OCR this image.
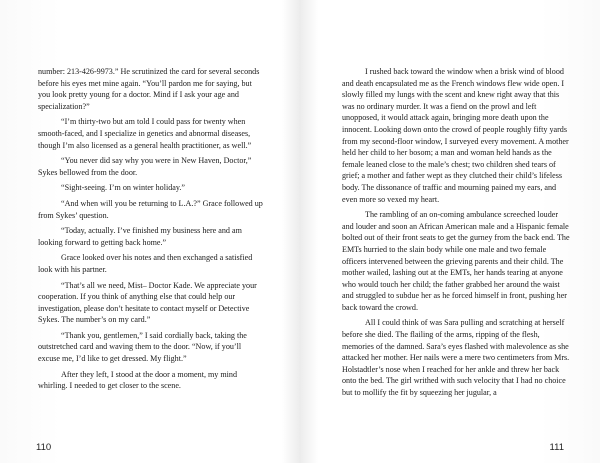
number: 213-426-9973.” He scrutinized the card for several seconds before his eyes met mine again. “You’ll pardon me for saying, but you look pretty young for a doctor. Mind if I ask your age and specialization?”

“I’m thirty-two but am told I could pass for twenty when smooth-faced, and I specialize in genetics and abnormal diseases, though I’m also licensed as a general health practitioner, as well.”

“You never did say why you were in New Haven, Doctor,” Sykes bellowed from the door.

“Sight-seeing. I’m on winter holiday.”

“And when will you be returning to L.A.?” Grace followed up from Sykes’ question.

“Today, actually. I’ve finished my business here and am looking forward to getting back home.”

Grace looked over his notes and then exchanged a satisfied look with his partner.

“That’s all we need, Mist– Doctor Kade. We appreciate your cooperation. If you think of anything else that could help our investigation, please don’t hesitate to contact myself or Detective Sykes. The number’s on my card.”

“Thank you, gentlemen,” I said cordially back, taking the outstretched card and waving them to the door. “Now, if you’ll excuse me, I’d like to get dressed. My flight.”

After they left, I stood at the door a moment, my mind whirling. I needed to get closer to the scene.

110

I rushed back toward the window when a brisk wind of blood and death encapsulated me as the French windows flew wide open. I slowly filled my lungs with the scent and knew right away that this was no ordinary murder. It was a fiend on the prowl and left unopposed, it would attack again, bringing more death upon the innocent. Looking down onto the crowd of people roughly fifty yards from my second-floor window, I surveyed every movement. A mother held her child to her bosom; a man and woman held hands as the female leaned close to the male’s chest; two children shed tears of grief; a mother and father wept as they clutched their child’s lifeless body. The dissonance of traffic and mourning pained my ears, and even more so vexed my heart.

The rambling of an on-coming ambulance screeched louder and louder and soon an African American male and a Hispanic female bolted out of their front seats to get the gurney from the back end. The EMTs hurried to the slain body while one male and two female officers intervened between the grieving parents and their child. The mother wailed, lashing out at the EMTs, her hands tearing at anyone who would touch her child; the father grabbed her around the waist and struggled to subdue her as he forced himself in front, pushing her back toward the crowd.

All I could think of was Sara pulling and scratching at herself before she died. The flailing of the arms, ripping of the flesh, memories of the damned. Sara’s eyes flashed with malevolence as she attacked her mother. Her nails were a mere two centimeters from Mrs. Holstadtler’s nose when I reached for her ankle and threw her back onto the bed. The girl writhed with such velocity that I had no choice but to mollify the fit by squeezing her jugular, a

111
